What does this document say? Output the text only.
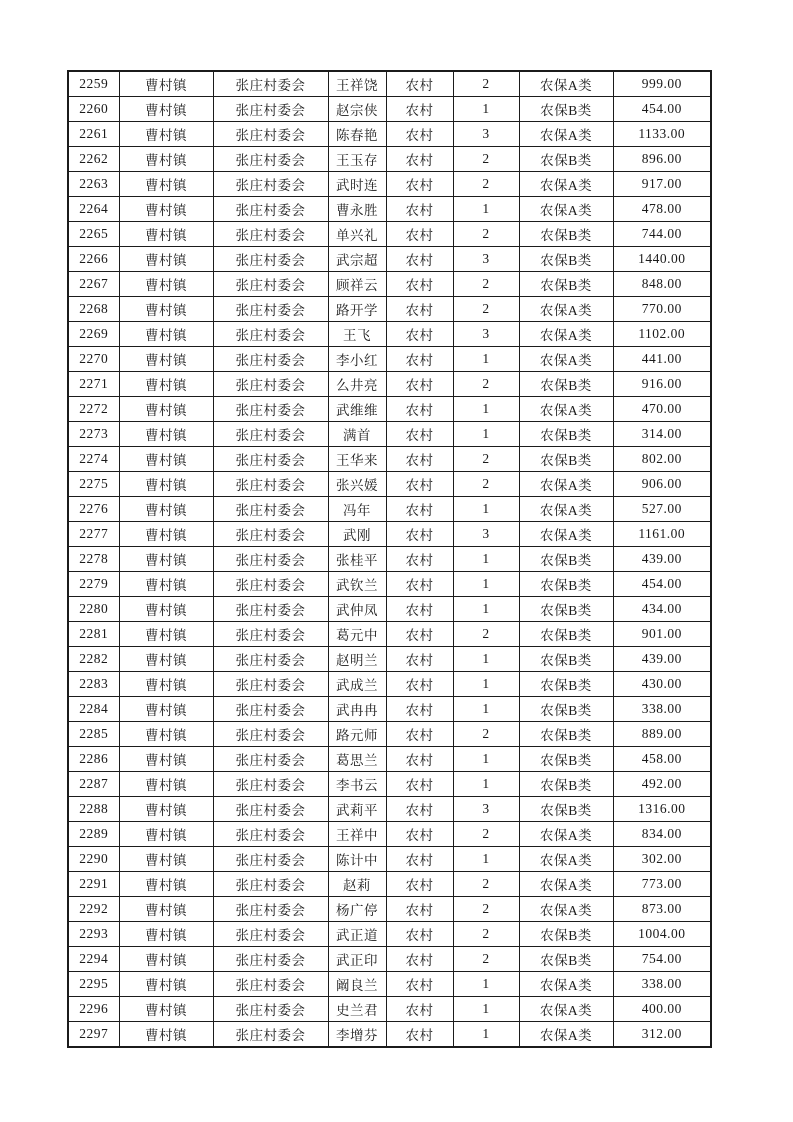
2259	曹村镇	张庄村委会	王祥饶	农村	2	农保A类	999.00
2260	曹村镇	张庄村委会	赵宗侠	农村	1	农保B类	454.00
2261	曹村镇	张庄村委会	陈春艳	农村	3	农保A类	1133.00
2262	曹村镇	张庄村委会	王玉存	农村	2	农保B类	896.00
2263	曹村镇	张庄村委会	武时连	农村	2	农保A类	917.00
2264	曹村镇	张庄村委会	曹永胜	农村	1	农保A类	478.00
2265	曹村镇	张庄村委会	单兴礼	农村	2	农保B类	744.00
2266	曹村镇	张庄村委会	武宗超	农村	3	农保B类	1440.00
2267	曹村镇	张庄村委会	顾祥云	农村	2	农保B类	848.00
2268	曹村镇	张庄村委会	路开学	农村	2	农保A类	770.00
2269	曹村镇	张庄村委会	王飞	农村	3	农保A类	1102.00
2270	曹村镇	张庄村委会	李小红	农村	1	农保A类	441.00
2271	曹村镇	张庄村委会	么井亮	农村	2	农保B类	916.00
2272	曹村镇	张庄村委会	武维维	农村	1	农保A类	470.00
2273	曹村镇	张庄村委会	满首	农村	1	农保B类	314.00
2274	曹村镇	张庄村委会	王华来	农村	2	农保B类	802.00
2275	曹村镇	张庄村委会	张兴媛	农村	2	农保A类	906.00
2276	曹村镇	张庄村委会	冯年	农村	1	农保A类	527.00
2277	曹村镇	张庄村委会	武刚	农村	3	农保A类	1161.00
2278	曹村镇	张庄村委会	张桂平	农村	1	农保B类	439.00
2279	曹村镇	张庄村委会	武钦兰	农村	1	农保B类	454.00
2280	曹村镇	张庄村委会	武仲凤	农村	1	农保B类	434.00
2281	曹村镇	张庄村委会	葛元中	农村	2	农保B类	901.00
2282	曹村镇	张庄村委会	赵明兰	农村	1	农保B类	439.00
2283	曹村镇	张庄村委会	武成兰	农村	1	农保B类	430.00
2284	曹村镇	张庄村委会	武冉冉	农村	1	农保B类	338.00
2285	曹村镇	张庄村委会	路元师	农村	2	农保B类	889.00
2286	曹村镇	张庄村委会	葛思兰	农村	1	农保B类	458.00
2287	曹村镇	张庄村委会	李书云	农村	1	农保B类	492.00
2288	曹村镇	张庄村委会	武莉平	农村	3	农保B类	1316.00
2289	曹村镇	张庄村委会	王祥中	农村	2	农保A类	834.00
2290	曹村镇	张庄村委会	陈计中	农村	1	农保A类	302.00
2291	曹村镇	张庄村委会	赵莉	农村	2	农保A类	773.00
2292	曹村镇	张庄村委会	杨广停	农村	2	农保A类	873.00
2293	曹村镇	张庄村委会	武正道	农村	2	农保B类	1004.00
2294	曹村镇	张庄村委会	武正印	农村	2	农保B类	754.00
2295	曹村镇	张庄村委会	阚良兰	农村	1	农保A类	338.00
2296	曹村镇	张庄村委会	史兰君	农村	1	农保A类	400.00
2297	曹村镇	张庄村委会	李增芬	农村	1	农保A类	312.00
